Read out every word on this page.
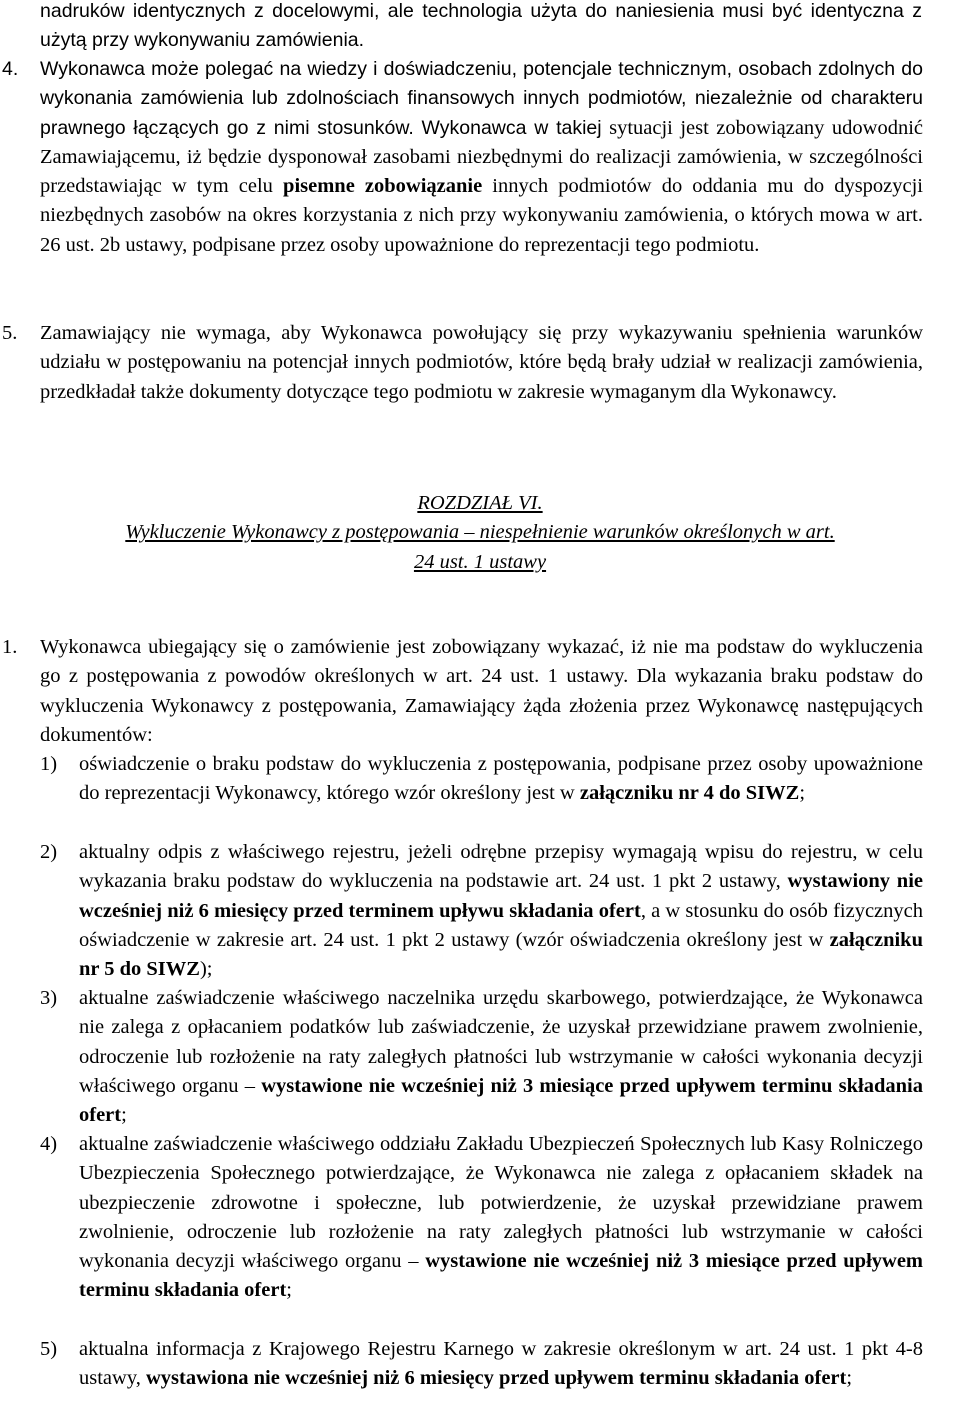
nadruków identycznych z docelowymi, ale technologia użyta do naniesienia musi być identyczna z użytą przy wykonywaniu zamówienia.
4. Wykonawca może polegać na wiedzy i doświadczeniu, potencjale technicznym, osobach zdolnych do wykonania zamówienia lub zdolnościach finansowych innych podmiotów, niezależnie od charakteru prawnego łączących go z nimi stosunków. Wykonawca w takiej sytuacji jest zobowiązany udowodnić Zamawiającemu, iż będzie dysponował zasobami niezbędnymi do realizacji zamówienia, w szczególności przedstawiając w tym celu pisemne zobowiązanie innych podmiotów do oddania mu do dyspozycji niezbędnych zasobów na okres korzystania z nich przy wykonywaniu zamówienia, o których mowa w art. 26 ust. 2b ustawy, podpisane przez osoby upoważnione do reprezentacji tego podmiotu.
5. Zamawiający nie wymaga, aby Wykonawca powołujący się przy wykazywaniu spełnienia warunków udziału w postępowaniu na potencjał innych podmiotów, które będą brały udział w realizacji zamówienia, przedkładał także dokumenty dotyczące tego podmiotu w zakresie wymaganym dla Wykonawcy.
ROZDZIAŁ VI.
Wykluczenie Wykonawcy z postępowania – niespełnienie warunków określonych w art.
24 ust. 1 ustawy
1. Wykonawca ubiegający się o zamówienie jest zobowiązany wykazać, iż nie ma podstaw do wykluczenia go z postępowania z powodów określonych w art. 24 ust. 1 ustawy. Dla wykazania braku podstaw do wykluczenia Wykonawcy z postępowania, Zamawiający żąda złożenia przez Wykonawcę następujących dokumentów:
1) oświadczenie o braku podstaw do wykluczenia z postępowania, podpisane przez osoby upoważnione do reprezentacji Wykonawcy, którego wzór określony jest w załączniku nr 4 do SIWZ;
2) aktualny odpis z właściwego rejestru, jeżeli odrębne przepisy wymagają wpisu do rejestru, w celu wykazania braku podstaw do wykluczenia na podstawie art. 24 ust. 1 pkt 2 ustawy, wystawiony nie wcześniej niż 6 miesięcy przed terminem upływu składania ofert, a w stosunku do osób fizycznych oświadczenie w zakresie art. 24 ust. 1 pkt 2 ustawy (wzór oświadczenia określony jest w załączniku nr 5 do SIWZ);
3) aktualne zaświadczenie właściwego naczelnika urzędu skarbowego, potwierdzające, że Wykonawca nie zalega z opłacaniem podatków lub zaświadczenie, że uzyskał przewidziane prawem zwolnienie, odroczenie lub rozłożenie na raty zaległych płatności lub wstrzymanie w całości wykonania decyzji właściwego organu – wystawione nie wcześniej niż 3 miesiące przed upływem terminu składania ofert;
4) aktualne zaświadczenie właściwego oddziału Zakładu Ubezpieczeń Społecznych lub Kasy Rolniczego Ubezpieczenia Społecznego potwierdzające, że Wykonawca nie zalega z opłacaniem składek na ubezpieczenie zdrowotne i społeczne, lub potwierdzenie, że uzyskał przewidziane prawem zwolnienie, odroczenie lub rozłożenie na raty zaległych płatności lub wstrzymanie w całości wykonania decyzji właściwego organu – wystawione nie wcześniej niż 3 miesiące przed upływem terminu składania ofert;
5) aktualna informacja z Krajowego Rejestru Karnego w zakresie określonym w art. 24 ust. 1 pkt 4-8 ustawy, wystawiona nie wcześniej niż 6 miesięcy przed upływem terminu składania ofert;
